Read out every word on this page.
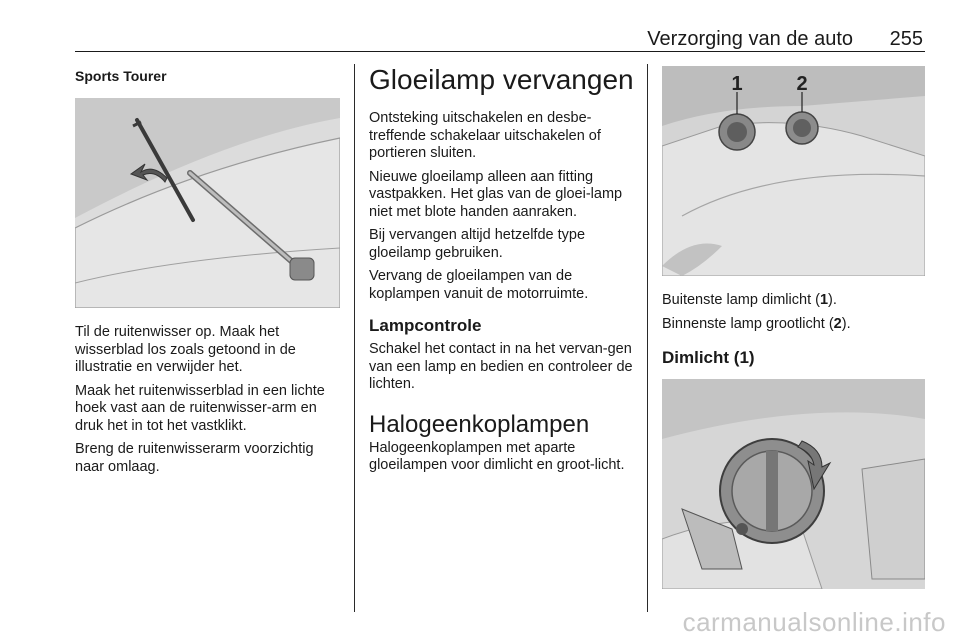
Verzorging van de auto 255
Sports Tourer

Til de ruitenwisser op. Maak het wisserblad los zoals getoond in de illustratie en verwijder het.

Maak het ruitenwisserblad in een lichte hoek vast aan de ruitenwisser-arm en druk het in tot het vastklikt.

Breng de ruitenwisserarm voorzichtig naar omlaag.

Gloeilamp vervangen

Ontsteking uitschakelen en desbe-treffende schakelaar uitschakelen of portieren sluiten.

Nieuwe gloeilamp alleen aan fitting vastpakken. Het glas van de gloei-lamp niet met blote handen aanraken.

Bij vervangen altijd hetzelfde type gloeilamp gebruiken.

Vervang de gloeilampen van de koplampen vanuit de motorruimte.

Lampcontrole

Schakel het contact in na het vervan-gen van een lamp en bedien en controleer de lichten.

Halogeenkoplampen

Halogeenkoplampen met aparte gloeilampen voor dimlicht en groot-licht.

1	2

Buitenste lamp dimlicht (1).

Binnenste lamp grootlicht (2).

Dimlicht (1)
carmanualsonline.info
